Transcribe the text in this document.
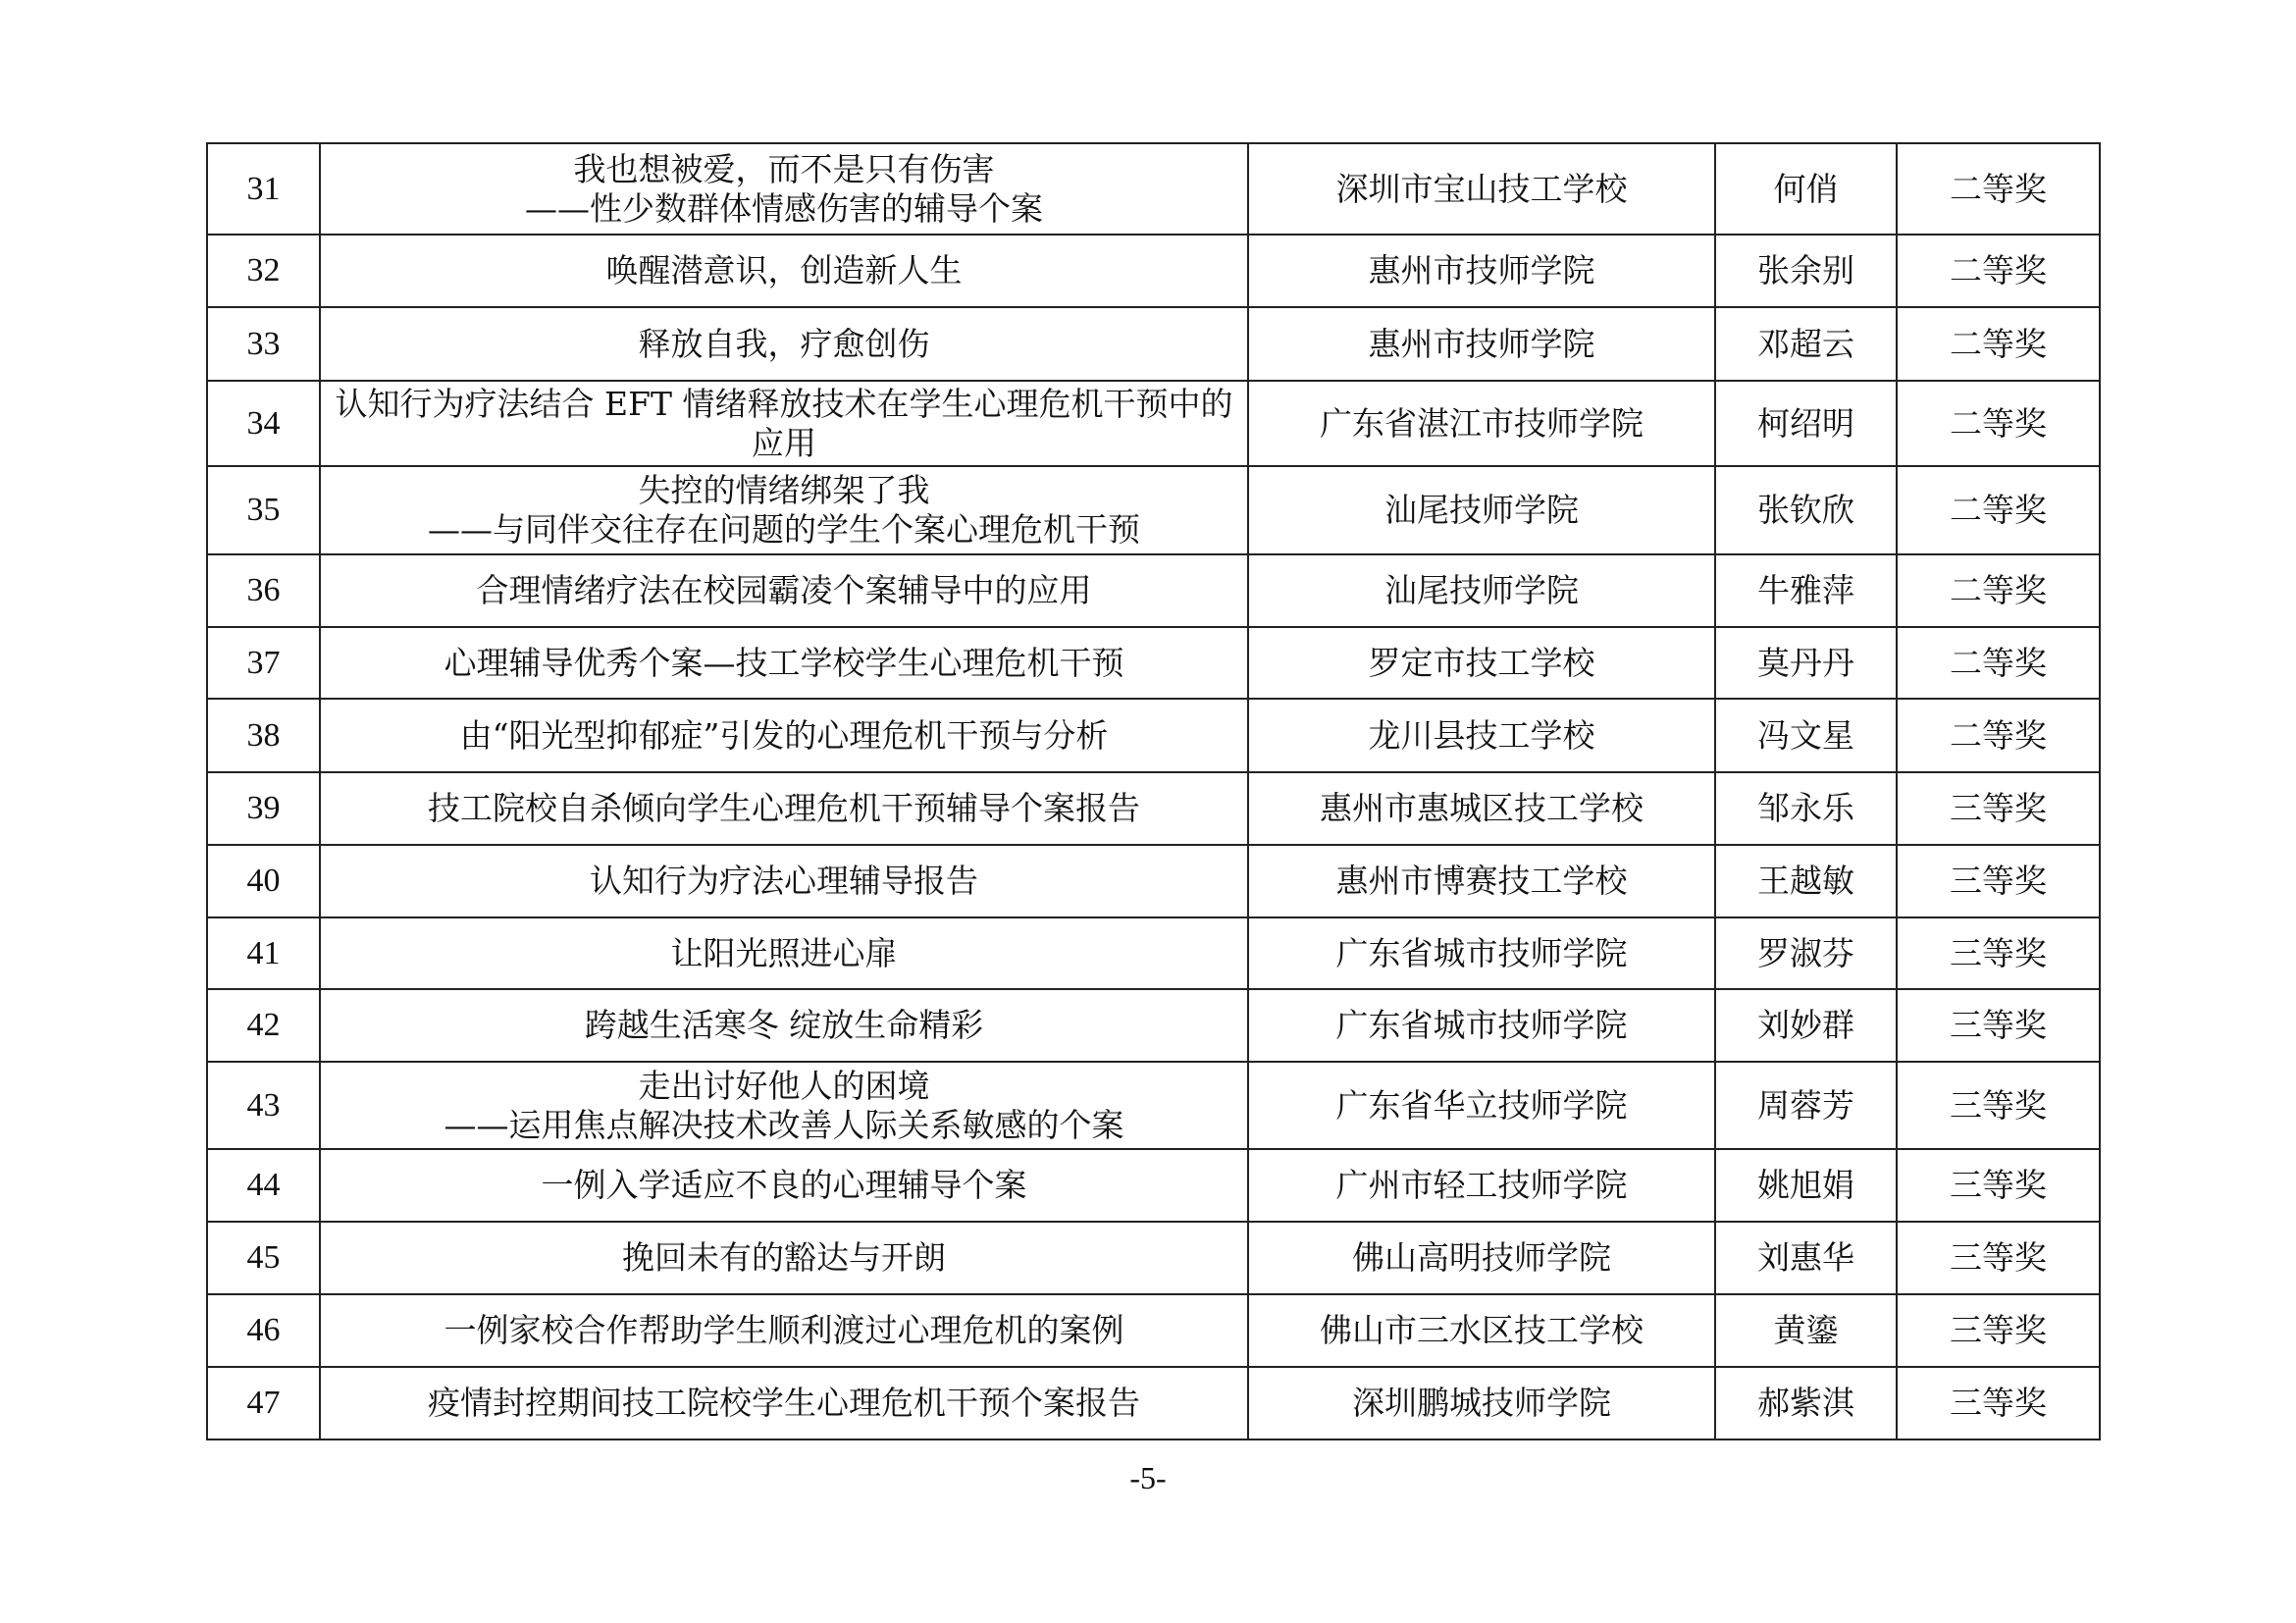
31	我也想被爱，而不是只有伤害
——性少数群体情感伤害的辅导个案	深圳市宝山技工学校	何俏	二等奖
32	唤醒潜意识，创造新人生	惠州市技师学院	张余别	二等奖
33	释放自我，疗愈创伤	惠州市技师学院	邓超云	二等奖
34	认知行为疗法结合 EFT 情绪释放技术在学生心理危机干预中的
应用	广东省湛江市技师学院	柯绍明	二等奖
35	失控的情绪绑架了我
——与同伴交往存在问题的学生个案心理危机干预	汕尾技师学院	张钦欣	二等奖
36	合理情绪疗法在校园霸凌个案辅导中的应用	汕尾技师学院	牛雅萍	二等奖
37	心理辅导优秀个案—技工学校学生心理危机干预	罗定市技工学校	莫丹丹	二等奖
38	由“阳光型抑郁症”引发的心理危机干预与分析	龙川县技工学校	冯文星	二等奖
39	技工院校自杀倾向学生心理危机干预辅导个案报告	惠州市惠城区技工学校	邹永乐	三等奖
40	认知行为疗法心理辅导报告	惠州市博赛技工学校	王越敏	三等奖
41	让阳光照进心扉	广东省城市技师学院	罗淑芬	三等奖
42	跨越生活寒冬 绽放生命精彩	广东省城市技师学院	刘妙群	三等奖
43	走出讨好他人的困境
——运用焦点解决技术改善人际关系敏感的个案	广东省华立技师学院	周蓉芳	三等奖
44	一例入学适应不良的心理辅导个案	广州市轻工技师学院	姚旭娟	三等奖
45	挽回未有的豁达与开朗	佛山高明技师学院	刘惠华	三等奖
46	一例家校合作帮助学生顺利渡过心理危机的案例	佛山市三水区技工学校	黄鎏	三等奖
47	疫情封控期间技工院校学生心理危机干预个案报告	深圳鹏城技师学院	郝紫淇	三等奖
-5-
